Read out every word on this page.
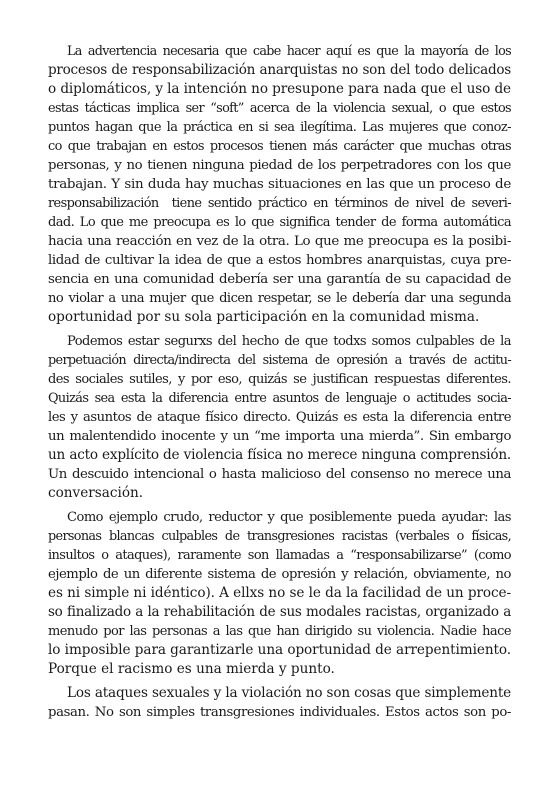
La advertencia necesaria que cabe hacer aquí es que la mayoría de los
procesos de responsabilización anarquistas no son del todo delicados
o diplomáticos, y la intención no presupone para nada que el uso de
estas tácticas implica ser “soft” acerca de la violencia sexual, o que estos
puntos hagan que la práctica en si sea ilegítima. Las mujeres que conoz-
co que trabajan en estos procesos tienen más carácter que muchas otras
personas, y no tienen ninguna piedad de los perpetradores con los que
trabajan. Y sin duda hay muchas situaciones en las que un proceso de
responsabilización  tiene sentido práctico en términos de nivel de severi-
dad. Lo que me preocupa es lo que significa tender de forma automática
hacia una reacción en vez de la otra. Lo que me preocupa es la posibi-
lidad de cultivar la idea de que a estos hombres anarquistas, cuya pre-
sencia en una comunidad debería ser una garantía de su capacidad de
no violar a una mujer que dicen respetar, se le debería dar una segunda
oportunidad por su sola participación en la comunidad misma.
Podemos estar segurxs del hecho de que todxs somos culpables de la
perpetuación directa/indirecta del sistema de opresión a través de actitu-
des sociales sutiles, y por eso, quizás se justifican respuestas diferentes.
Quizás sea esta la diferencia entre asuntos de lenguaje o actitudes socia-
les y asuntos de ataque físico directo. Quizás es esta la diferencia entre
un malentendido inocente y un “me importa una mierda”. Sin embargo
un acto explícito de violencia física no merece ninguna comprensión.
Un descuido intencional o hasta malicioso del consenso no merece una
conversación.
Como ejemplo crudo, reductor y que posiblemente pueda ayudar: las
personas blancas culpables de transgresiones racistas (verbales o físicas,
insultos o ataques), raramente son llamadas a “responsabilizarse” (como
ejemplo de un diferente sistema de opresión y relación, obviamente, no
es ni simple ni idéntico). A ellxs no se le da la facilidad de un proce-
so finalizado a la rehabilitación de sus modales racistas, organizado a
menudo por las personas a las que han dirigido su violencia. Nadie hace
lo imposible para garantizarle una oportunidad de arrepentimiento.
Porque el racismo es una mierda y punto.
Los ataques sexuales y la violación no son cosas que simplemente
pasan. No son simples transgresiones individuales. Estos actos son po-
